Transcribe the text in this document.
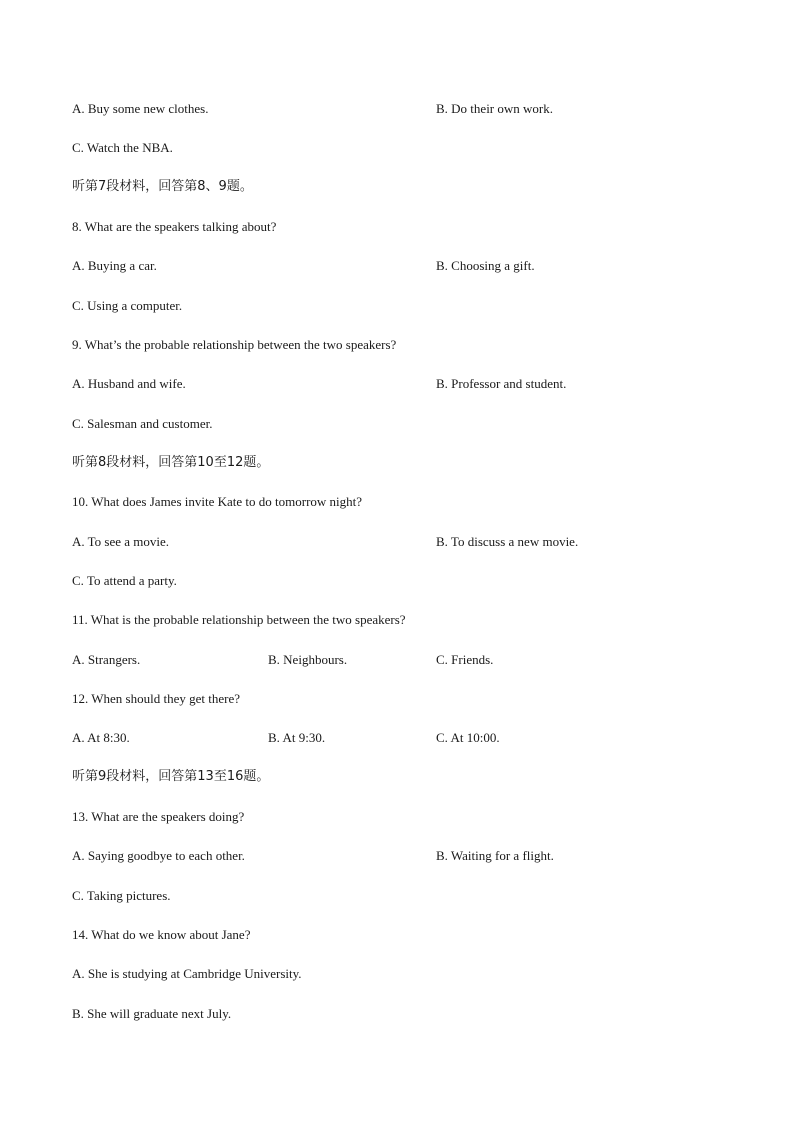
A. Buy some new clothes.	B. Do their own work.
C. Watch the NBA.
听第7段材料，回答第8、9题。
8. What are the speakers talking about?
A. Buying a car.	B. Choosing a gift.
C. Using a computer.
9. What’s the probable relationship between the two speakers?
A. Husband and wife.	B. Professor and student.
C. Salesman and customer.
听第8段材料，回答第10至12题。
10. What does James invite Kate to do tomorrow night?
A. To see a movie.	B. To discuss a new movie.
C. To attend a party.
11. What is the probable relationship between the two speakers?
A. Strangers.	B. Neighbours.	C. Friends.
12. When should they get there?
A. At 8:30.	B. At 9:30.	C. At 10:00.
听第9段材料，回答第13至16题。
13. What are the speakers doing?
A. Saying goodbye to each other.	B. Waiting for a flight.
C. Taking pictures.
14. What do we know about Jane?
A. She is studying at Cambridge University.
B. She will graduate next July.
